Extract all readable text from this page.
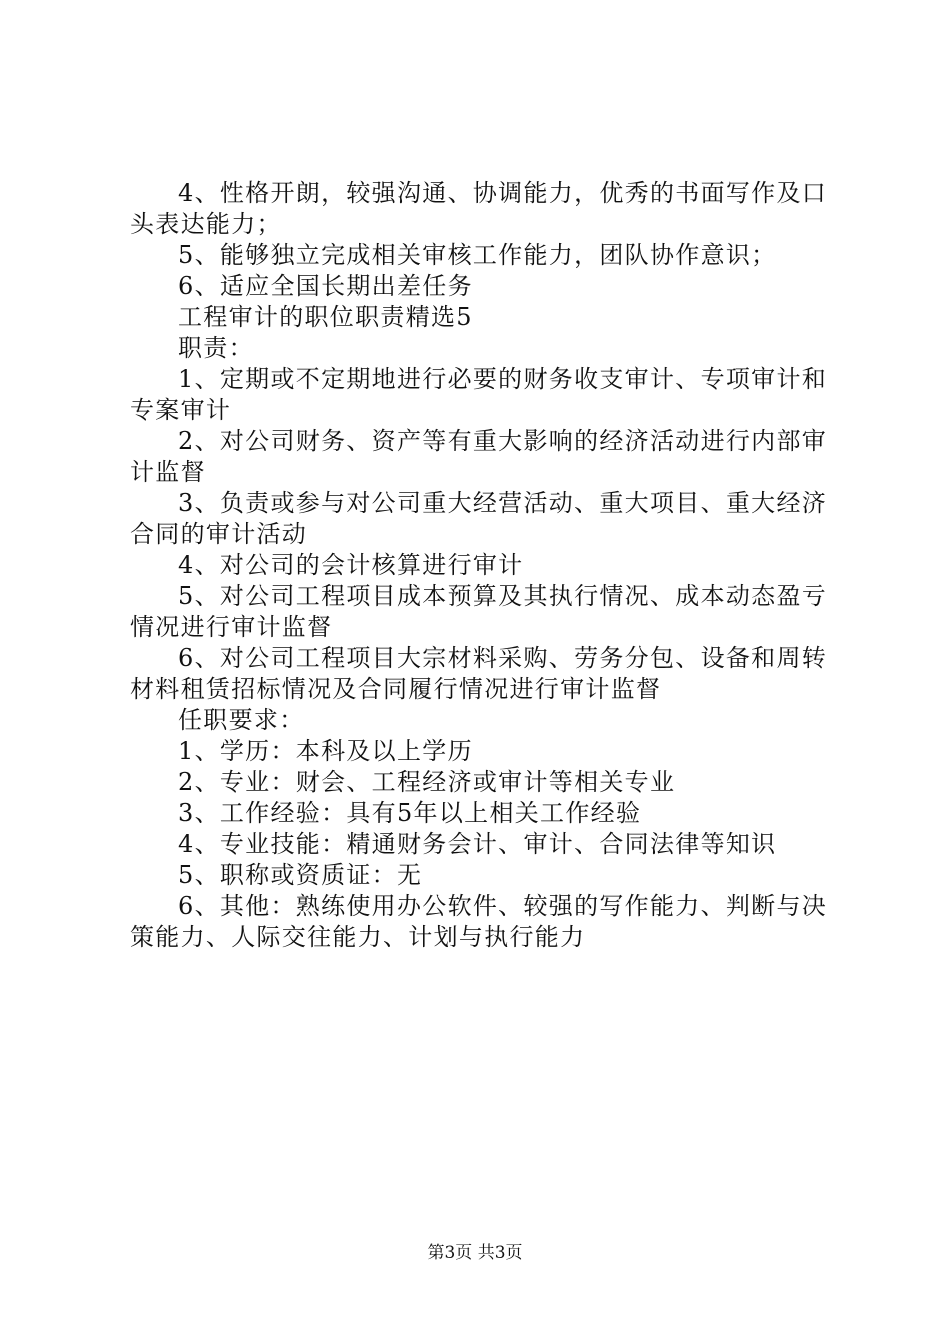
4、性格开朗，较强沟通、协调能力，优秀的书面写作及口头表达能力；

5、能够独立完成相关审核工作能力，团队协作意识；

6、适应全国长期出差任务

工程审计的职位职责精选5

职责：

1、定期或不定期地进行必要的财务收支审计、专项审计和专案审计

2、对公司财务、资产等有重大影响的经济活动进行内部审计监督

3、负责或参与对公司重大经营活动、重大项目、重大经济合同的审计活动

4、对公司的会计核算进行审计

5、对公司工程项目成本预算及其执行情况、成本动态盈亏情况进行审计监督

6、对公司工程项目大宗材料采购、劳务分包、设备和周转材料租赁招标情况及合同履行情况进行审计监督

任职要求：

1、学历：本科及以上学历

2、专业：财会、工程经济或审计等相关专业

3、工作经验：具有5年以上相关工作经验

4、专业技能：精通财务会计、审计、合同法律等知识

5、职称或资质证：无

6、其他：熟练使用办公软件、较强的写作能力、判断与决策能力、人际交往能力、计划与执行能力

第3页 共3页
